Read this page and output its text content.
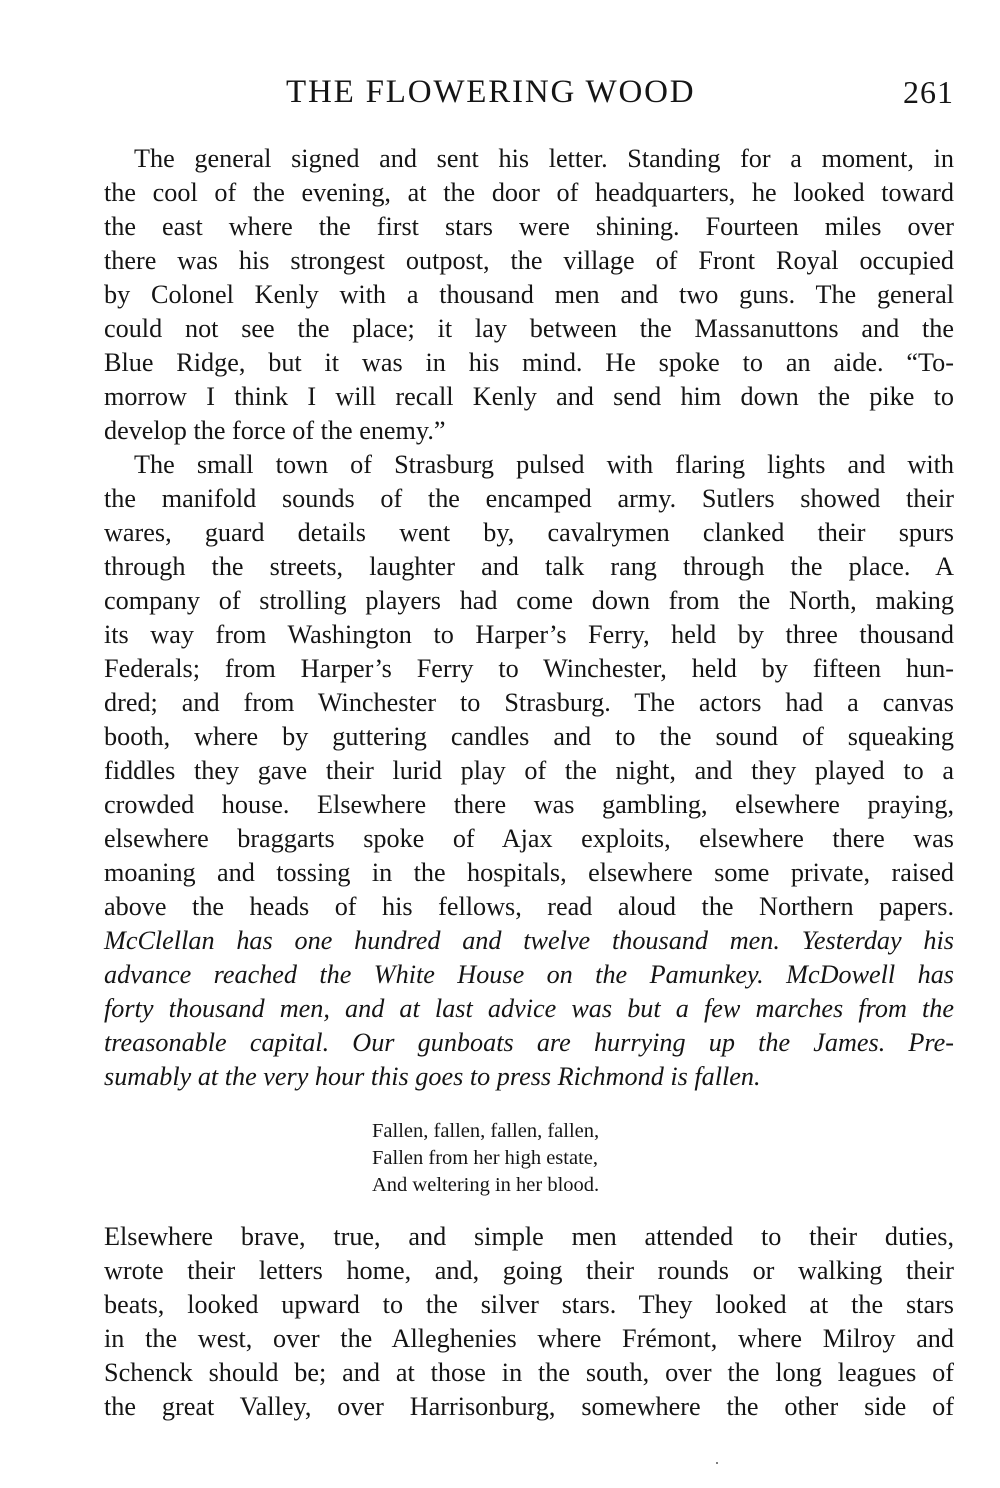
THE FLOWERING WOOD	261
The general signed and sent his letter. Standing for a moment, in
the cool of the evening, at the door of headquarters, he looked toward
the east where the first stars were shining. Fourteen miles over
there was his strongest outpost, the village of Front Royal occupied
by Colonel Kenly with a thousand men and two guns. The general
could not see the place; it lay between the Massanuttons and the
Blue Ridge, but it was in his mind. He spoke to an aide. “To-
morrow I think I will recall Kenly and send him down the pike to
develop the force of the enemy.”
The small town of Strasburg pulsed with flaring lights and with
the manifold sounds of the encamped army. Sutlers showed their
wares, guard details went by, cavalrymen clanked their spurs
through the streets, laughter and talk rang through the place. A
company of strolling players had come down from the North, making
its way from Washington to Harper’s Ferry, held by three thousand
Federals; from Harper’s Ferry to Winchester, held by fifteen hun-
dred; and from Winchester to Strasburg. The actors had a canvas
booth, where by guttering candles and to the sound of squeaking
fiddles they gave their lurid play of the night, and they played to a
crowded house. Elsewhere there was gambling, elsewhere praying,
elsewhere braggarts spoke of Ajax exploits, elsewhere there was
moaning and tossing in the hospitals, elsewhere some private, raised
above the heads of his fellows, read aloud the Northern papers.
McClellan has one hundred and twelve thousand men. Yesterday his
advance reached the White House on the Pamunkey. McDowell has
forty thousand men, and at last advice was but a few marches from the
treasonable capital. Our gunboats are hurrying up the James. Pre-
sumably at the very hour this goes to press Richmond is fallen.
Fallen, fallen, fallen, fallen,
Fallen from her high estate,
And weltering in her blood.
Elsewhere brave, true, and simple men attended to their duties,
wrote their letters home, and, going their rounds or walking their
beats, looked upward to the silver stars. They looked at the stars
in the west, over the Alleghenies where Frémont, where Milroy and
Schenck should be; and at those in the south, over the long leagues of
the great Valley, over Harrisonburg, somewhere the other side of
